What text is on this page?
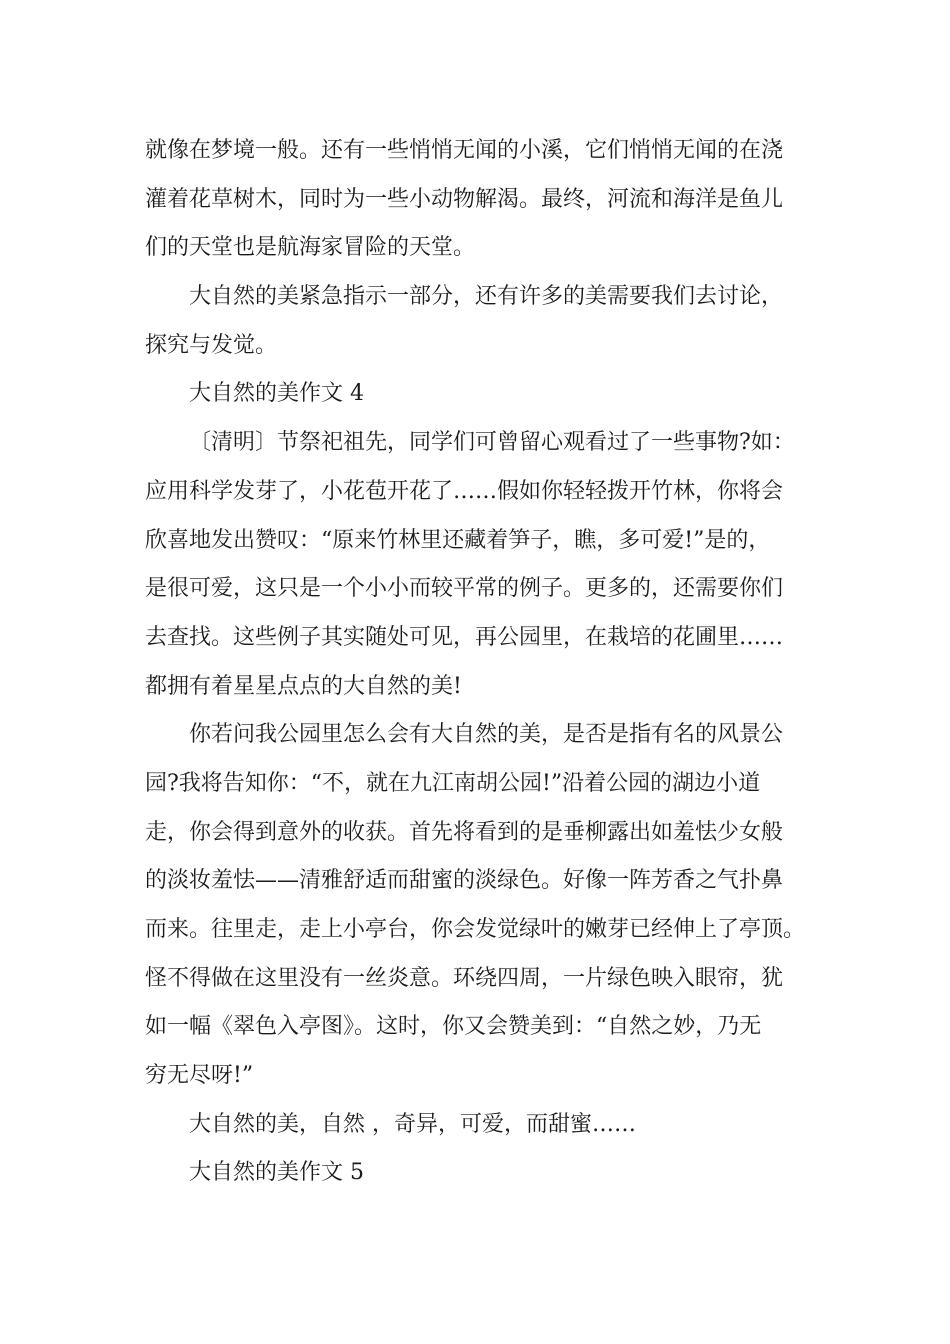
就像在梦境一般。还有一些悄悄无闻的小溪，它们悄悄无闻的在浇
灌着花草树木，同时为一些小动物解渴。最终，河流和海洋是鱼儿
们的天堂也是航海家冒险的天堂。
大自然的美紧急指示一部分，还有许多的美需要我们去讨论，
探究与发觉。
大自然的美作文 4
〔清明〕节祭祀祖先，同学们可曾留心观看过了一些事物?如：
应用科学发芽了，小花苞开花了……假如你轻轻拨开竹林，你将会
欣喜地发出赞叹：“原来竹林里还藏着笋子，瞧，多可爱!”是的，
是很可爱，这只是一个小小而较平常的例子。更多的，还需要你们
去查找。这些例子其实随处可见，再公园里，在栽培的花圃里……
都拥有着星星点点的大自然的美!
你若问我公园里怎么会有大自然的美，是否是指有名的风景公
园?我将告知你：“不，就在九江南胡公园!”沿着公园的湖边小道
走，你会得到意外的收获。首先将看到的是垂柳露出如羞怯少女般
的淡妆羞怯——清雅舒适而甜蜜的淡绿色。好像一阵芳香之气扑鼻
而来。往里走，走上小亭台，你会发觉绿叶的嫩芽已经伸上了亭顶。
怪不得做在这里没有一丝炎意。环绕四周，一片绿色映入眼帘，犹
如一幅《翠色入亭图》。这时，你又会赞美到：“自然之妙，乃无
穷无尽呀!”
大自然的美，自然 ，奇异，可爱，而甜蜜……
大自然的美作文 5
